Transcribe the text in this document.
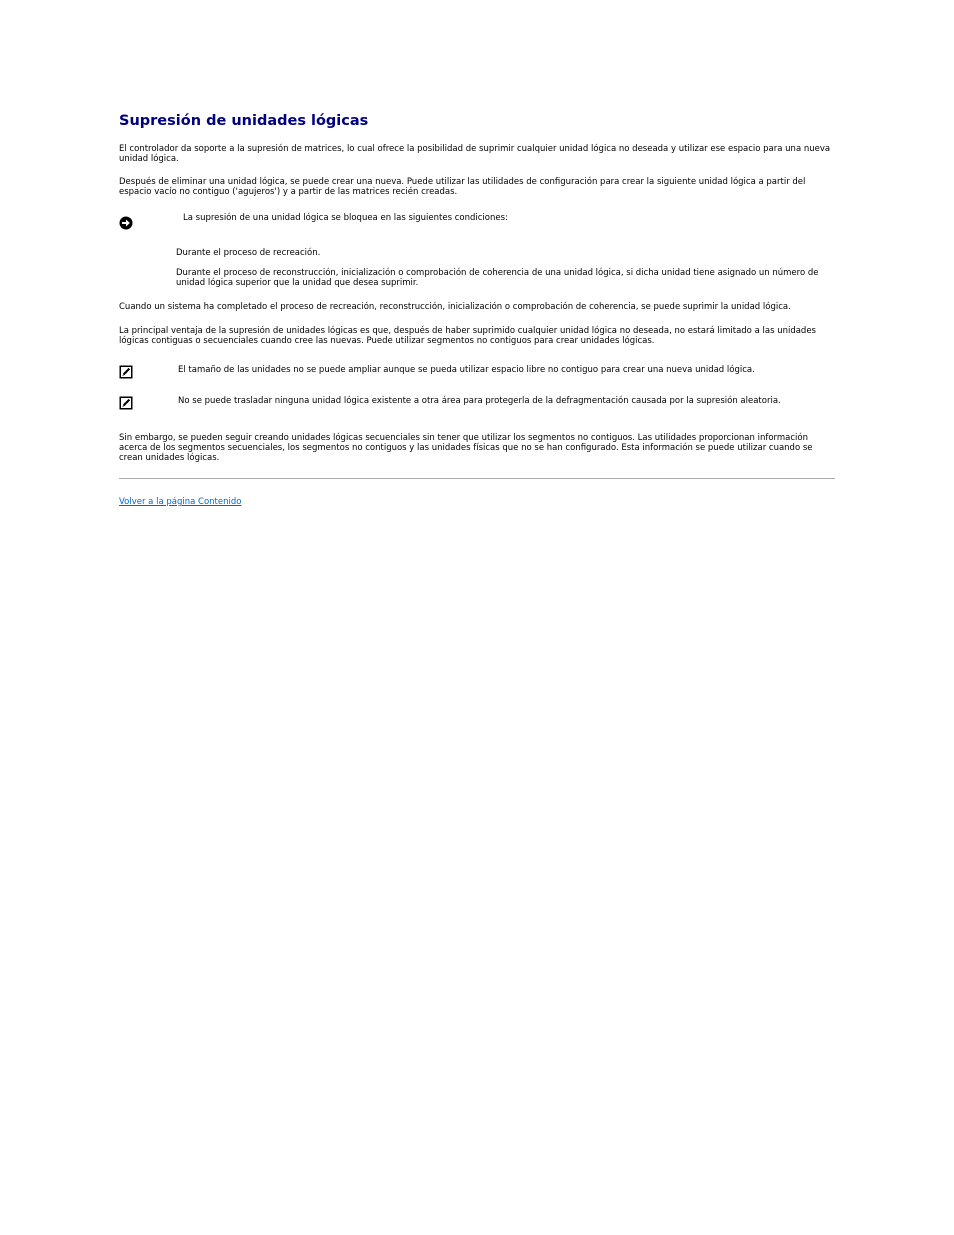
Supresión de unidades lógicas

El controlador da soporte a la supresión de matrices, lo cual ofrece la posibilidad de suprimir cualquier unidad lógica no deseada y utilizar ese espacio para una nueva unidad lógica.

Después de eliminar una unidad lógica, se puede crear una nueva. Puede utilizar las utilidades de configuración para crear la siguiente unidad lógica a partir del espacio vacío no contiguo ('agujeros') y a partir de las matrices recién creadas.

La supresión de una unidad lógica se bloquea en las siguientes condiciones:

Durante el proceso de recreación.

Durante el proceso de reconstrucción, inicialización o comprobación de coherencia de una unidad lógica, si dicha unidad tiene asignado un número de unidad lógica superior que la unidad que desea suprimir.

Cuando un sistema ha completado el proceso de recreación, reconstrucción, inicialización o comprobación de coherencia, se puede suprimir la unidad lógica.

La principal ventaja de la supresión de unidades lógicas es que, después de haber suprimido cualquier unidad lógica no deseada, no estará limitado a las unidades lógicas contiguas o secuenciales cuando cree las nuevas. Puede utilizar segmentos no contiguos para crear unidades lógicas.

El tamaño de las unidades no se puede ampliar aunque se pueda utilizar espacio libre no contiguo para crear una nueva unidad lógica.

No se puede trasladar ninguna unidad lógica existente a otra área para protegerla de la defragmentación causada por la supresión aleatoria.

Sin embargo, se pueden seguir creando unidades lógicas secuenciales sin tener que utilizar los segmentos no contiguos. Las utilidades proporcionan información acerca de los segmentos secuenciales, los segmentos no contiguos y las unidades físicas que no se han configurado. Esta información se puede utilizar cuando se crean unidades lógicas.

Volver a la página Contenido
